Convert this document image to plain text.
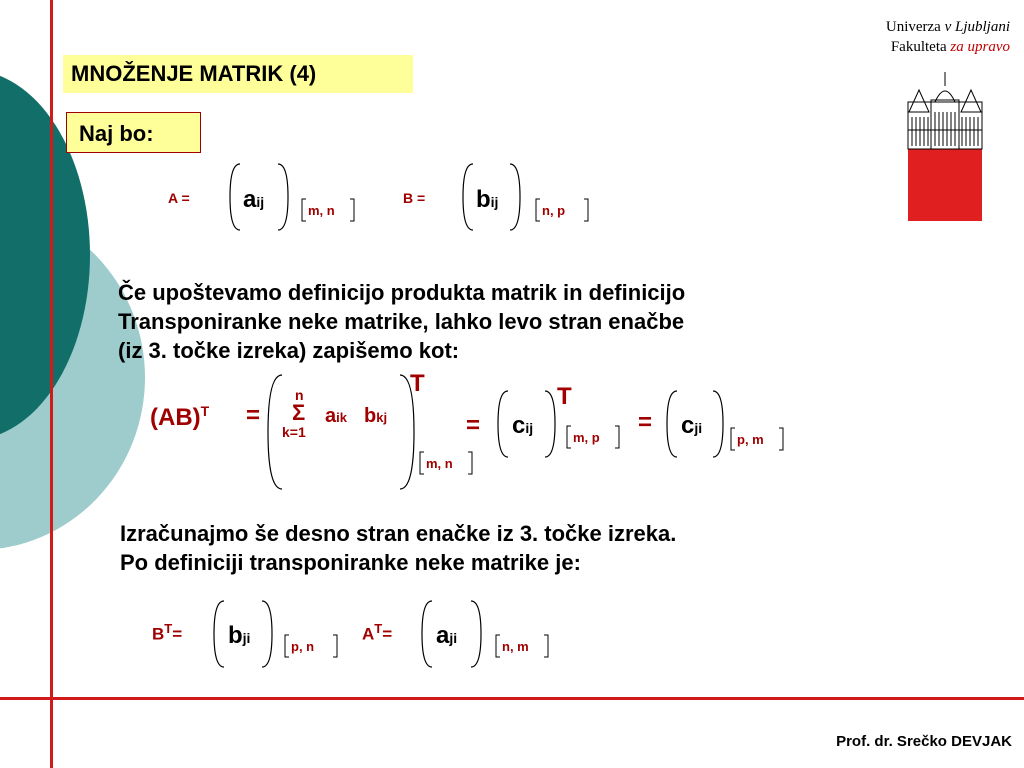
MNOŽENJE MATRIK (4)
Naj bo:
Univerza v Ljubljani
Fakulteta za upravo
A = aij
m, n
B = bij
n, p
Če upoštevamo definicijo produkta matrik in definicijo
Transponiranke neke matrike, lahko levo stran enačbe
(iz 3. točke izreka) zapišemo kot:
(AB)$^T$ =
n
Σ
k=1
aik bkj
T
m, n
= cij
T
m, p
= cji
p, m
Izračunajmo še desno stran enačke iz 3. točke izreka.
Po definiciji transponiranke neke matrike je:
$B^T=$ bji
p, n
$A^T=$ aji
n, m
Prof. dr. Srečko DEVJAK
